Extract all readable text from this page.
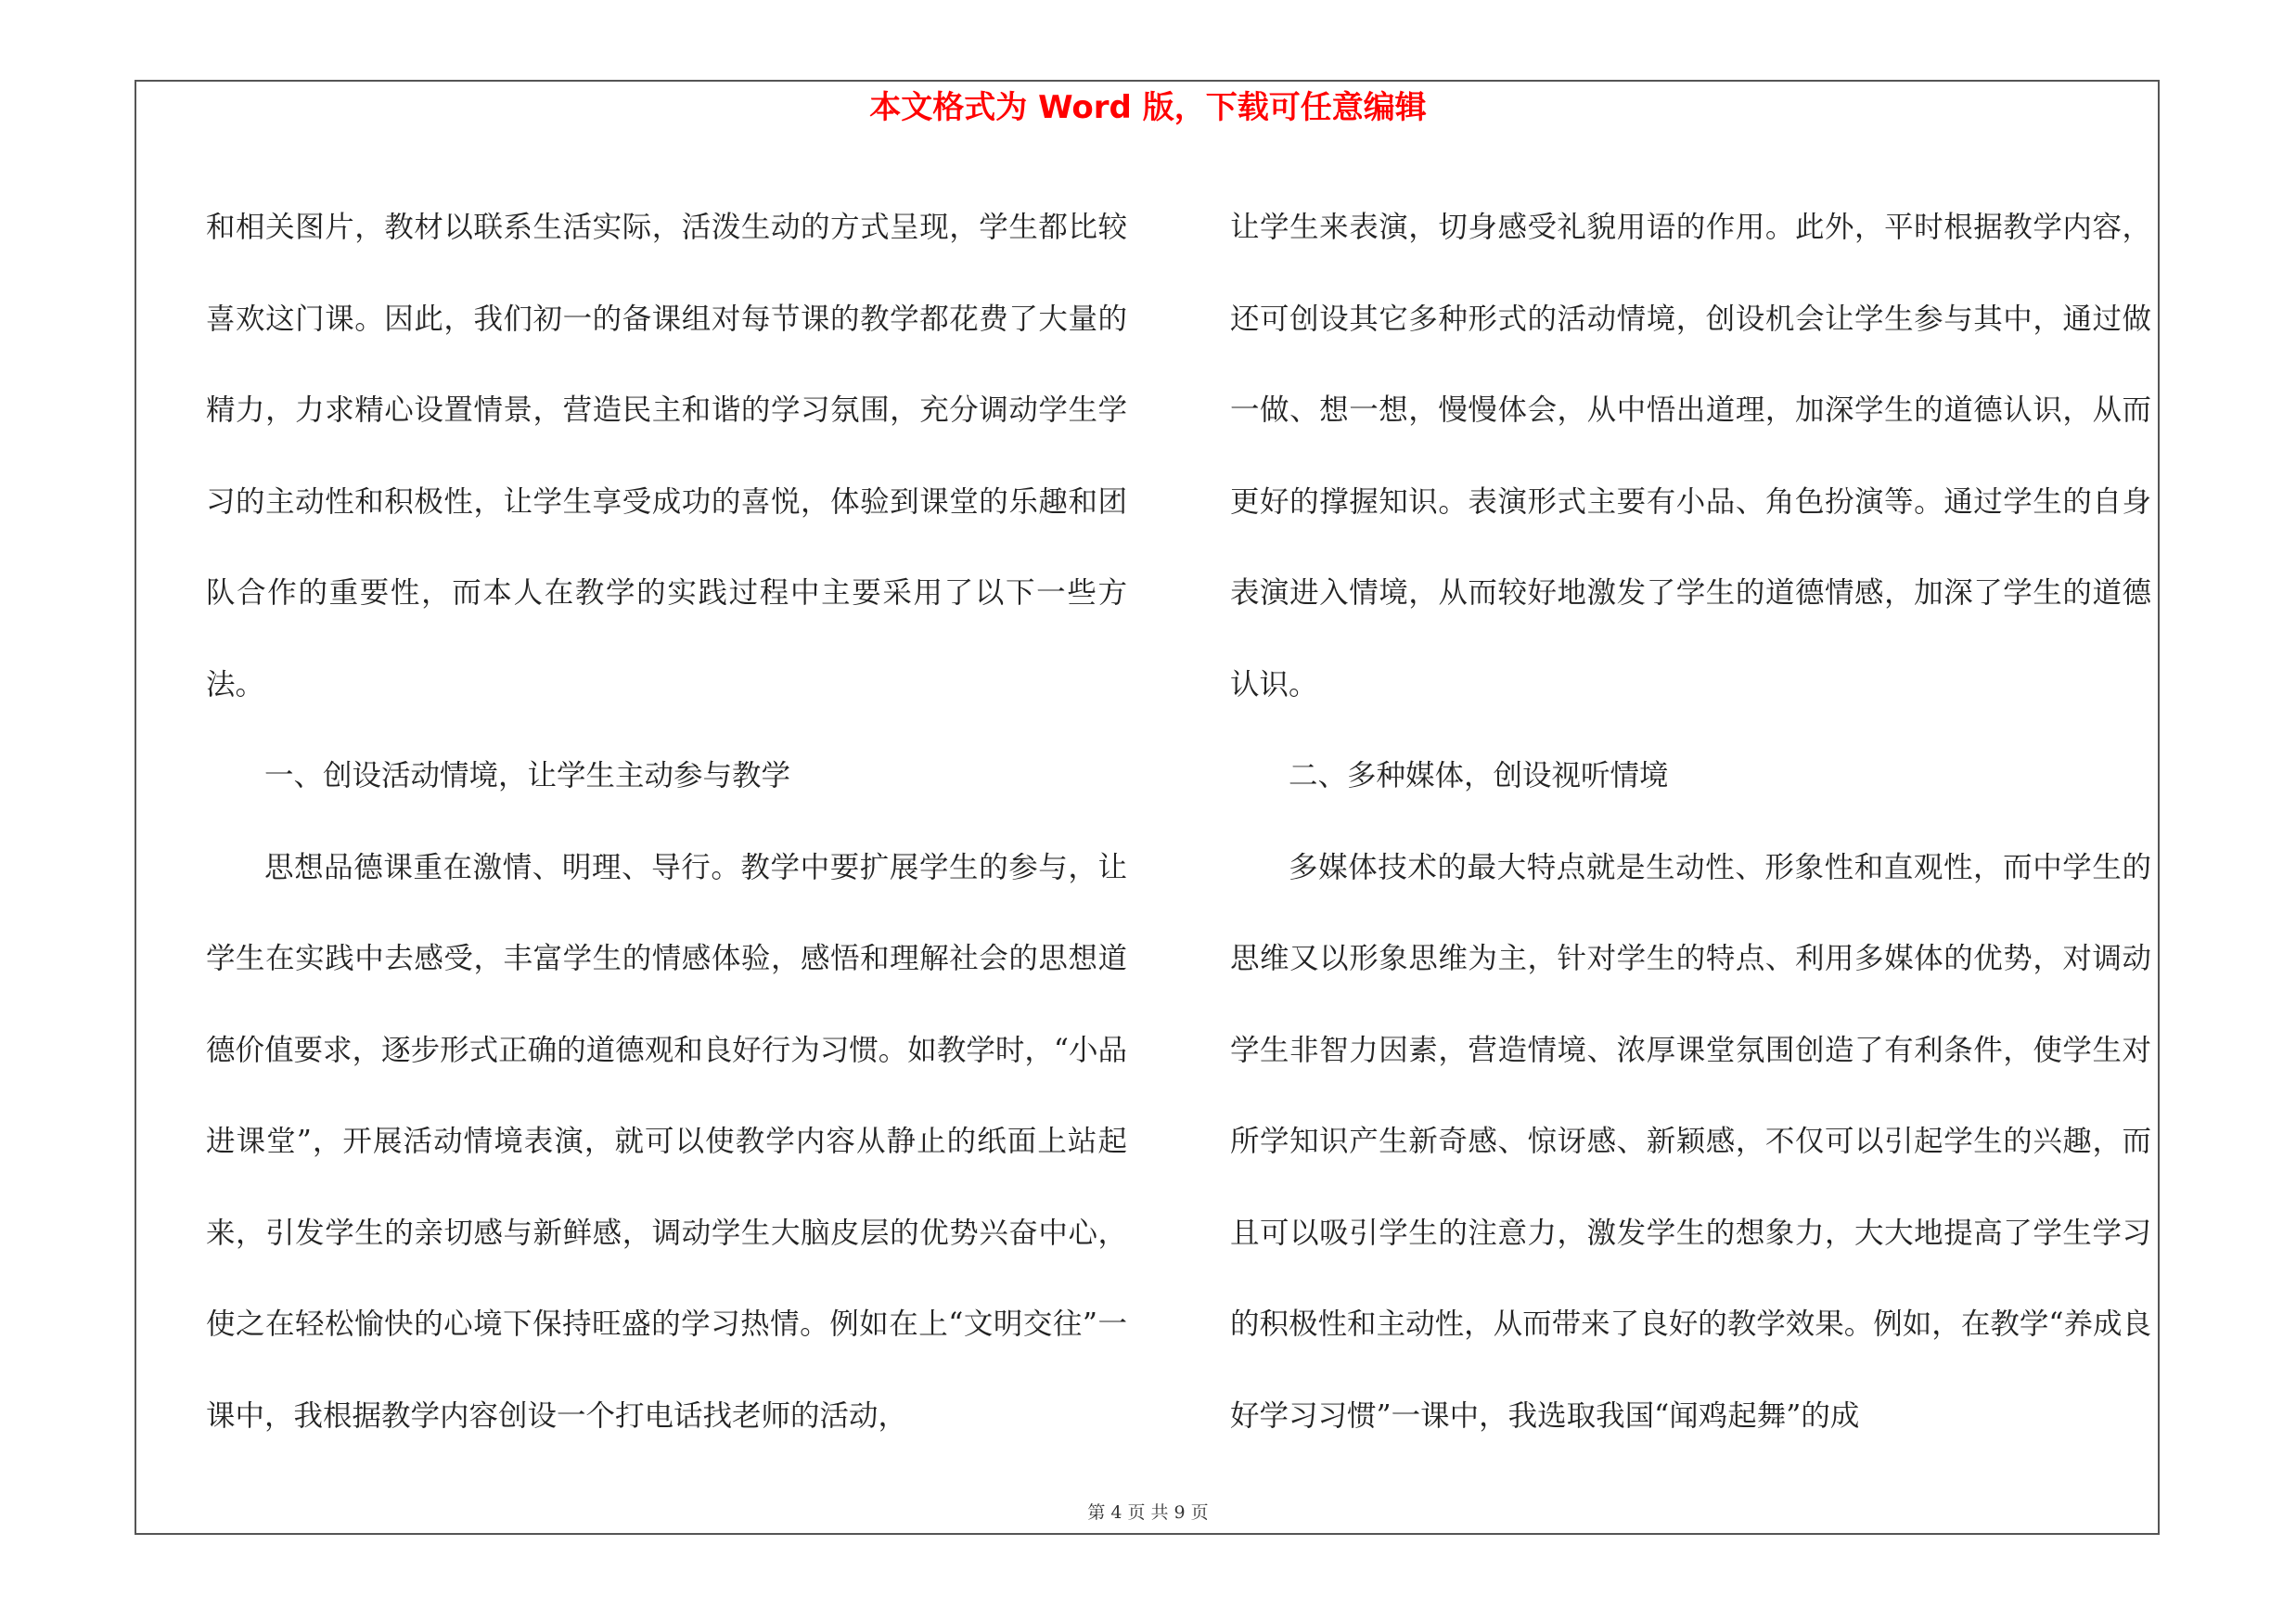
本文格式为 Word 版，下载可任意编辑

和相关图片，教材以联系生活实际，活泼生动的方式呈现，学生都比较喜欢这门课。因此，我们初一的备课组对每节课的教学都花费了大量的精力，力求精心设置情景，营造民主和谐的学习氛围，充分调动学生学习的主动性和积极性，让学生享受成功的喜悦，体验到课堂的乐趣和团队合作的重要性，而本人在教学的实践过程中主要采用了以下一些方法。

一、创设活动情境，让学生主动参与教学

思想品德课重在激情、明理、导行。教学中要扩展学生的参与，让学生在实践中去感受，丰富学生的情感体验，感悟和理解社会的思想道德价值要求，逐步形式正确的道德观和良好行为习惯。如教学时，“小品进课堂”，开展活动情境表演，就可以使教学内容从静止的纸面上站起来，引发学生的亲切感与新鲜感，调动学生大脑皮层的优势兴奋中心，使之在轻松愉快的心境下保持旺盛的学习热情。例如在上“文明交往”一课中，我根据教学内容创设一个打电话找老师的活动，

让学生来表演，切身感受礼貌用语的作用。此外，平时根据教学内容，还可创设其它多种形式的活动情境，创设机会让学生参与其中，通过做一做、想一想，慢慢体会，从中悟出道理，加深学生的道德认识，从而更好的撑握知识。表演形式主要有小品、角色扮演等。通过学生的自身表演进入情境，从而较好地激发了学生的道德情感，加深了学生的道德认识。

二、多种媒体，创设视听情境

多媒体技术的最大特点就是生动性、形象性和直观性，而中学生的思维又以形象思维为主，针对学生的特点、利用多媒体的优势，对调动学生非智力因素，营造情境、浓厚课堂氛围创造了有利条件，使学生对所学知识产生新奇感、惊讶感、新颖感，不仅可以引起学生的兴趣，而且可以吸引学生的注意力，激发学生的想象力，大大地提高了学生学习的积极性和主动性，从而带来了良好的教学效果。例如，在教学“养成良好学习习惯”一课中，我选取我国“闻鸡起舞”的成

第 4 页 共 9 页
